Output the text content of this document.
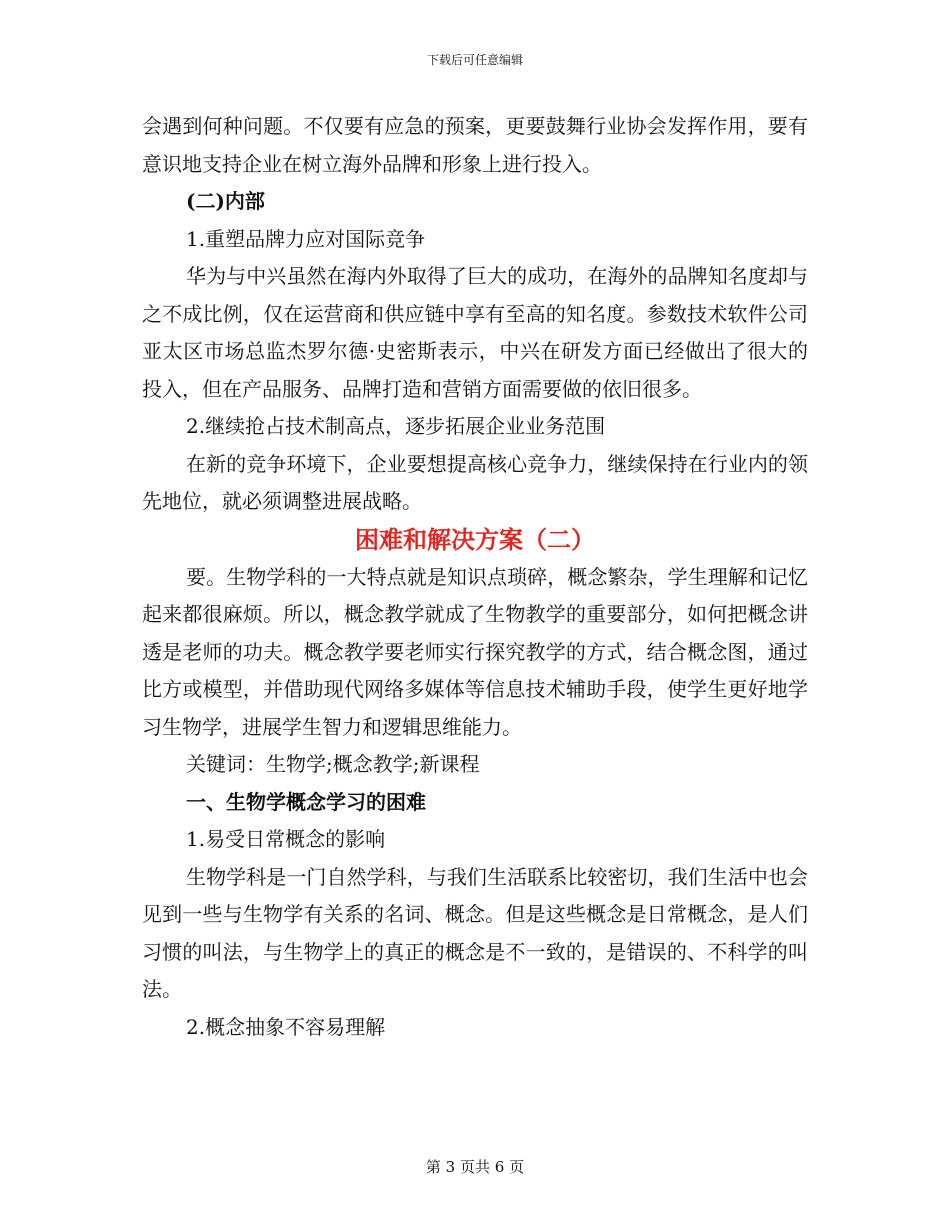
下载后可任意编辑

会遇到何种问题。不仅要有应急的预案，更要鼓舞行业协会发挥作用，要有意识地支持企业在树立海外品牌和形象上进行投入。

(二)内部

1.重塑品牌力应对国际竞争

华为与中兴虽然在海内外取得了巨大的成功，在海外的品牌知名度却与之不成比例，仅在运营商和供应链中享有至高的知名度。参数技术软件公司亚太区市场总监杰罗尔德·史密斯表示，中兴在研发方面已经做出了很大的投入，但在产品服务、品牌打造和营销方面需要做的依旧很多。

2.继续抢占技术制高点，逐步拓展企业业务范围

在新的竞争环境下，企业要想提高核心竞争力，继续保持在行业内的领先地位，就必须调整进展战略。

困难和解决方案（二）

要。生物学科的一大特点就是知识点琐碎，概念繁杂，学生理解和记忆起来都很麻烦。所以，概念教学就成了生物教学的重要部分，如何把概念讲透是老师的功夫。概念教学要老师实行探究教学的方式，结合概念图，通过比方或模型，并借助现代网络多媒体等信息技术辅助手段，使学生更好地学习生物学，进展学生智力和逻辑思维能力。

关键词：生物学;概念教学;新课程

一、生物学概念学习的困难

1.易受日常概念的影响

生物学科是一门自然学科，与我们生活联系比较密切，我们生活中也会见到一些与生物学有关系的名词、概念。但是这些概念是日常概念，是人们习惯的叫法，与生物学上的真正的概念是不一致的，是错误的、不科学的叫法。

2.概念抽象不容易理解

第 3 页共 6 页
